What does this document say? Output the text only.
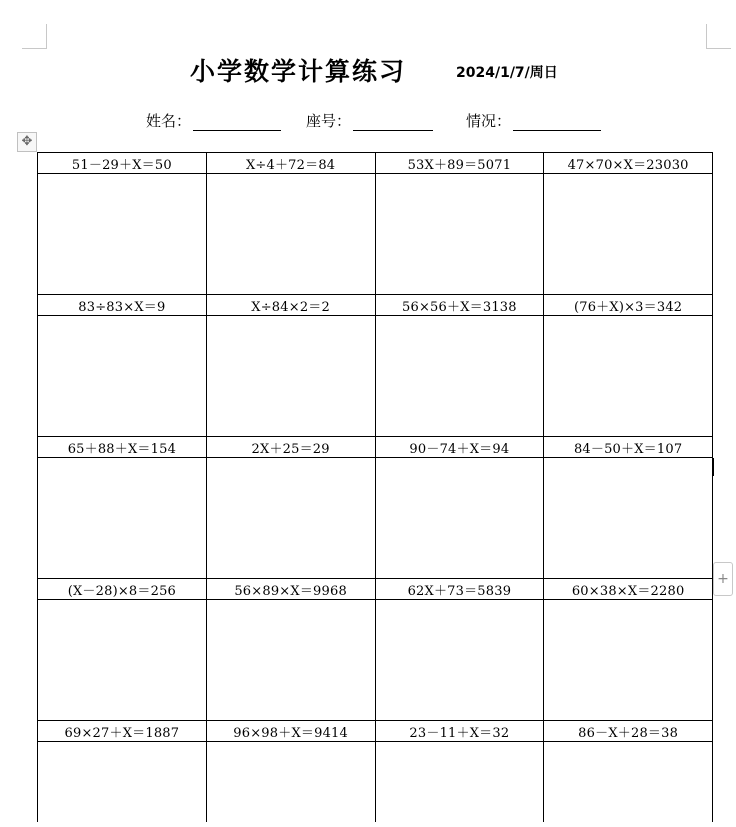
小学数学计算练习	2024/1/7/周日
姓名：	座号：	情况：
✥
51－29＋X＝50	X÷4＋72＝84	53X＋89＝5071	47×70×X＝23030

83÷83×X＝9	X÷84×2＝2	56×56＋X＝3138	(76＋X)×3＝342

65＋88＋X＝154	2X＋25＝29	90－74＋X＝94	84－50＋X＝107

(X－28)×8＝256	56×89×X＝9968	62X＋73＝5839	60×38×X＝2280

69×27＋X＝1887	96×98＋X＝9414	23－11＋X＝32	86－X＋28＝38

+
